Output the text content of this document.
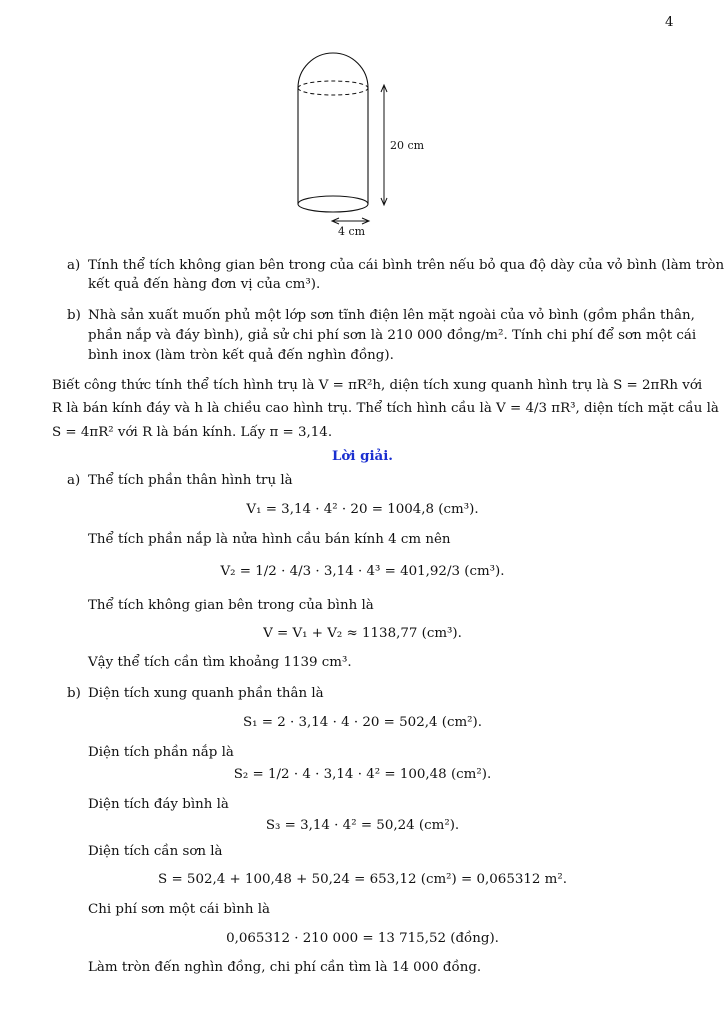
4
20 cm
4 cm
a) Tính thể tích không gian bên trong của cái bình trên nếu bỏ qua độ dày của vỏ bình (làm tròn
kết quả đến hàng đơn vị của cm³).
b) Nhà sản xuất muốn phủ một lớp sơn tĩnh điện lên mặt ngoài của vỏ bình (gồm phần thân,
phần nắp và đáy bình), giả sử chi phí sơn là 210 000 đồng/m². Tính chi phí để sơn một cái
bình inox (làm tròn kết quả đến nghìn đồng).
Biết công thức tính thể tích hình trụ là V = πR²h, diện tích xung quanh hình trụ là S = 2πRh với
R là bán kính đáy và h là chiều cao hình trụ. Thể tích hình cầu là V = 4/3 πR³, diện tích mặt cầu là
S = 4πR² với R là bán kính. Lấy π = 3,14.
Lời giải.
a) Thể tích phần thân hình trụ là
V₁ = 3,14 · 4² · 20 = 1004,8 (cm³).
Thể tích phần nắp là nửa hình cầu bán kính 4 cm nên
V₂ = 1/2 · 4/3 · 3,14 · 4³ = 401,92/3 (cm³).
Thể tích không gian bên trong của bình là
V = V₁ + V₂ ≈ 1138,77 (cm³).
Vậy thể tích cần tìm khoảng 1139 cm³.
b) Diện tích xung quanh phần thân là
S₁ = 2 · 3,14 · 4 · 20 = 502,4 (cm²).
Diện tích phần nắp là
S₂ = 1/2 · 4 · 3,14 · 4² = 100,48 (cm²).
Diện tích đáy bình là
S₃ = 3,14 · 4² = 50,24 (cm²).
Diện tích cần sơn là
S = 502,4 + 100,48 + 50,24 = 653,12 (cm²) = 0,065312 m².
Chi phí sơn một cái bình là
0,065312 · 210 000 = 13 715,52 (đồng).
Làm tròn đến nghìn đồng, chi phí cần tìm là 14 000 đồng.
